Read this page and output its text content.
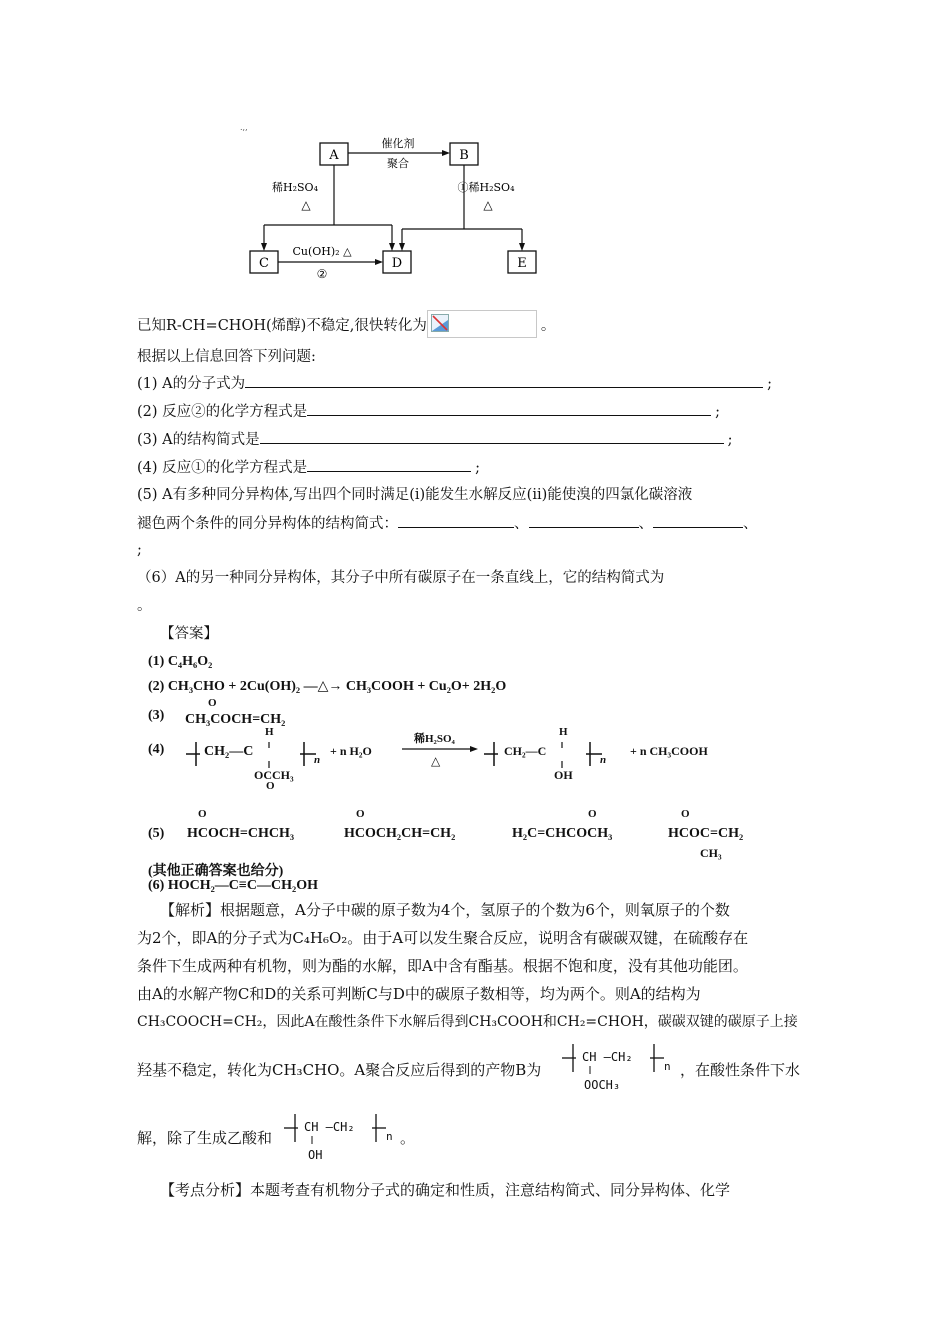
.,,
A	B
C	D	E
催化剂
聚合
稀H₂SO₄
△
①稀H₂SO₄
△
Cu(OH)₂ △
②
已知R-CH=CHOH(烯醇)不稳定,很快转化为	。
根据以上信息回答下列问题:
(1) A的分子式为	;
(2) 反应②的化学方程式是	;
(3) A的结构简式是	;
(4) 反应①的化学方程式是	;
(5) A有多种同分异构体,写出四个同时满足(i)能发生水解反应(ii)能使溴的四氯化碳溶液
褪色两个条件的同分异构体的结构简式：	、	、	、
;
（6）A的另一种同分异构体，其分子中所有碳原子在一条直线上，它的结构简式为
。
【答案】
(1) C₄H₆O₂
(2) CH₃CHO + 2Cu(OH)₂ —△→ CH₃COOH + Cu₂O+ 2H₂O
(3)
O
CH₃COCH=CH₂
(4)	CH₂—C
H
n
OCCH₃
+ n H₂O
稀H₂SO₄
△
CH₂—C
H
n
OH
+ n CH₃COOH
O
(5)
O
HCOCH=CHCH₃
O
HCOCH₂CH=CH₂
O
H₂C=CHCOCH₃
O
HCOC=CH₂
CH₃
(其他正确答案也给分)
(6) HOCH₂—C≡C—CH₂OH
【解析】根据题意，A分子中碳的原子数为4个，氢原子的个数为6个，则氧原子的个数
为2个，即A的分子式为C₄H₆O₂。由于A可以发生聚合反应，说明含有碳碳双键，在硫酸存在
条件下生成两种有机物，则为酯的水解，即A中含有酯基。根据不饱和度，没有其他功能团。
由A的水解产物C和D的关系可判断C与D中的碳原子数相等，均为两个。则A的结构为
CH₃COOCH=CH₂，因此A在酸性条件下水解后得到CH₃COOH和CH₂=CHOH，碳碳双键的碳原子上接
羟基不稳定，转化为CH₃CHO。A聚合反应后得到的产物B为
CH —CH₂
n
OOCH₃
，在酸性条件下水
解，除了生成乙酸和
CH —CH₂
n
OH
。
【考点分析】本题考查有机物分子式的确定和性质，注意结构简式、同分异构体、化学
